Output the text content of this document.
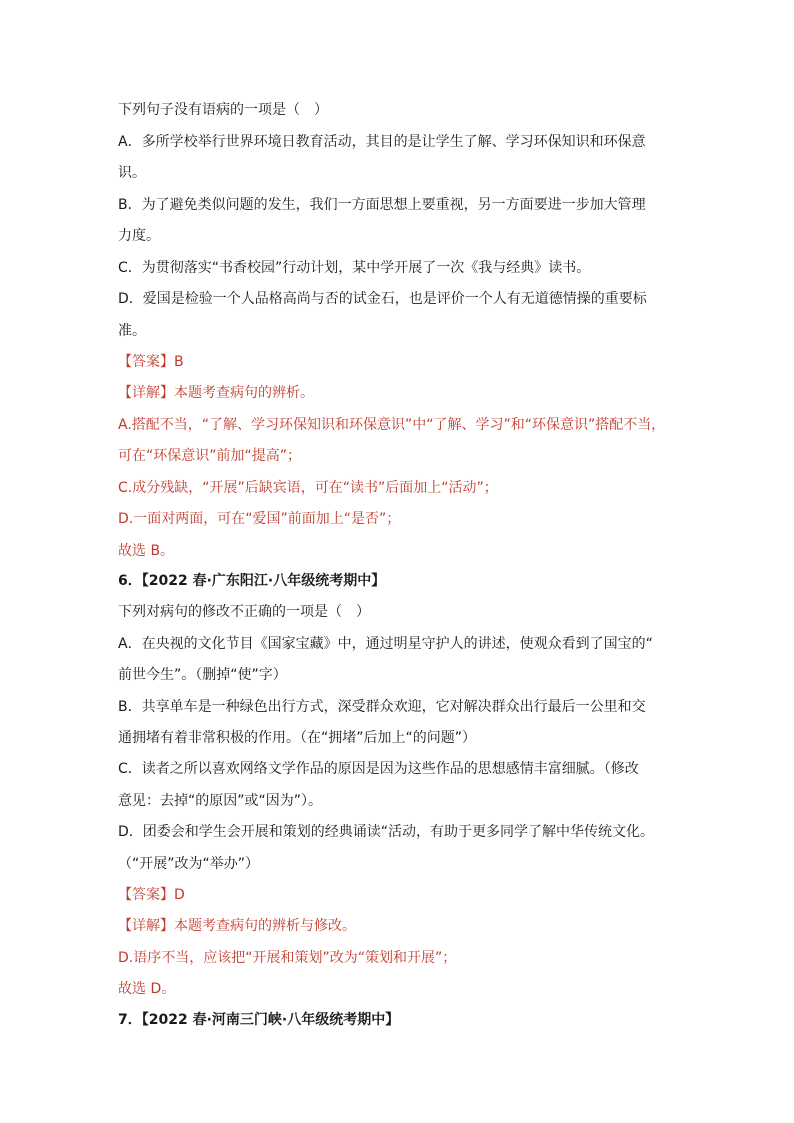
下列句子没有语病的一项是（　）
A．多所学校举行世界环境日教育活动，其目的是让学生了解、学习环保知识和环保意
识。
B．为了避免类似问题的发生，我们一方面思想上要重视，另一方面要进一步加大管理
力度。
C．为贯彻落实“书香校园”行动计划，某中学开展了一次《我与经典》读书。
D．爱国是检验一个人品格高尚与否的试金石，也是评价一个人有无道德情操的重要标
准。
【答案】B
【详解】本题考查病句的辨析。
A.搭配不当，“了解、学习环保知识和环保意识”中“了解、学习”和“环保意识”搭配不当，
可在“环保意识”前加“提高”；
C.成分残缺，“开展”后缺宾语，可在“读书”后面加上“活动”；
D.一面对两面，可在“爱国”前面加上“是否”；
故选 B。
6．【2022 春·广东阳江·八年级统考期中】
下列对病句的修改不正确的一项是（　）
A．在央视的文化节目《国家宝藏》中，通过明星守护人的讲述，使观众看到了国宝的“
前世今生”。（删掉“使”字）
B．共享单车是一种绿色出行方式，深受群众欢迎，它对解决群众出行最后一公里和交
通拥堵有着非常积极的作用。（在“拥堵”后加上“的问题”）
C．读者之所以喜欢网络文学作品的原因是因为这些作品的思想感情丰富细腻。（修改
意见：去掉“的原因”或“因为”）。
D．团委会和学生会开展和策划的经典诵读“活动，有助于更多同学了解中华传统文化。
（“开展”改为“举办”）
【答案】D
【详解】本题考查病句的辨析与修改。
D.语序不当，应该把“开展和策划”改为“策划和开展”；
故选 D。
7．【2022 春·河南三门峡·八年级统考期中】
